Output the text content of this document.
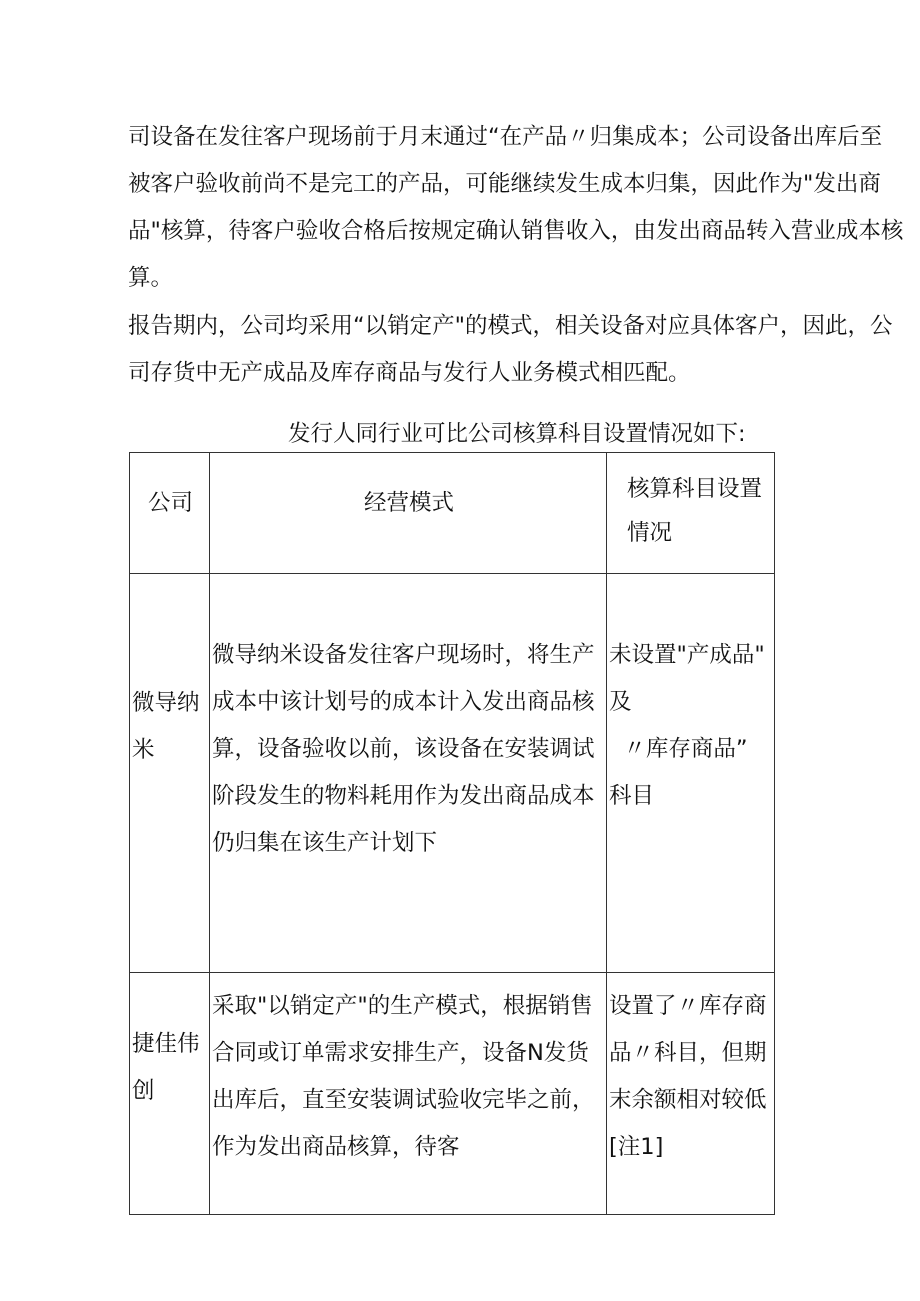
司设备在发往客户现场前于月末通过“在产品〃归集成本；公司设备出库后至
被客户验收前尚不是完工的产品，可能继续发生成本归集，因此作为"发出商
品"核算，待客户验收合格后按规定确认销售收入，由发出商品转入营业成本核
算。

报告期内，公司均采用“以销定产"的模式，相关设备对应具体客户，因此，公
司存货中无产成品及库存商品与发行人业务模式相匹配。

发行人同行业可比公司核算科目设置情况如下:
公司	经营模式	核算科目设置
情况
微导纳
米	微导纳米设备发往客户现场时，将生产
成本中该计划号的成本计入发出商品核
算，设备验收以前，该设备在安装调试
阶段发生的物料耗用作为发出商品成本
仍归集在该生产计划下	未设置"产成品"
及
〃库存商品”
科目
捷佳伟
创	采取"以销定产"的生产模式，根据销售
合同或订单需求安排生产，设备N发货
出库后，直至安装调试验收完毕之前，
作为发出商品核算，待客	设置了〃库存商
品〃科目，但期
末余额相对较低
[注1]
